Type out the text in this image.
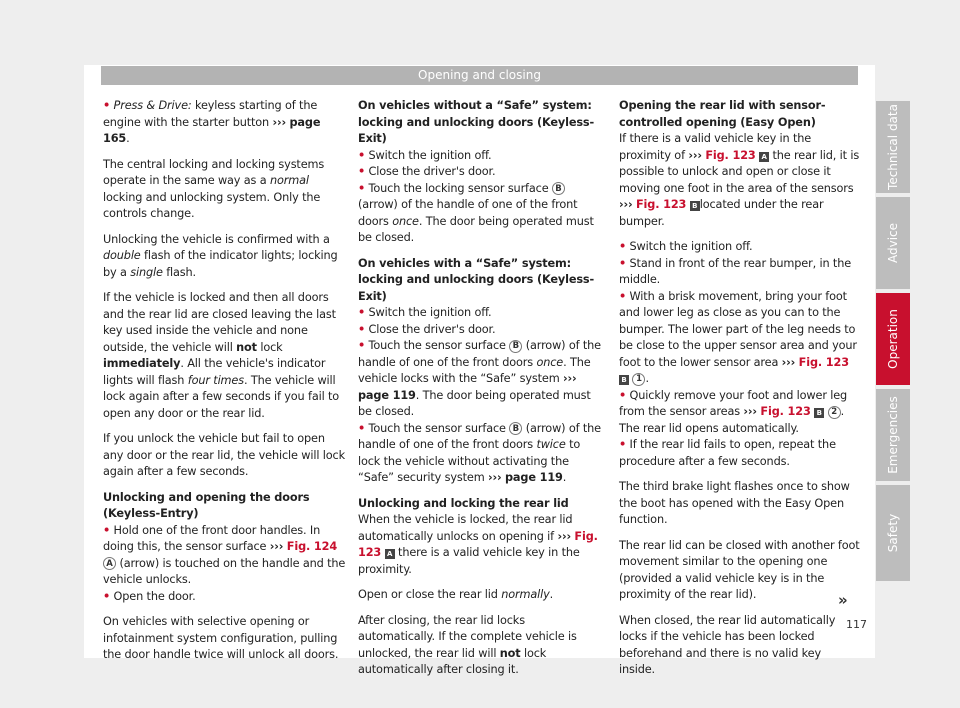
Opening and closing

• Press & Drive: keyless starting of the engine with the starter button ››› page 165.

The central locking and locking systems operate in the same way as a normal locking and unlocking system. Only the controls change.

Unlocking the vehicle is confirmed with a double flash of the indicator lights; locking by a single flash.

If the vehicle is locked and then all doors and the rear lid are closed leaving the last key used inside the vehicle and none outside, the vehicle will not lock immediately. All the vehicle's indicator lights will flash four times. The vehicle will lock again after a few seconds if you fail to open any door or the rear lid.

If you unlock the vehicle but fail to open any door or the rear lid, the vehicle will lock again after a few seconds.

Unlocking and opening the doors (Keyless-Entry)

• Hold one of the front door handles. In doing this, the sensor surface ››› Fig. 124 A (arrow) is touched on the handle and the vehicle unlocks.

• Open the door.

On vehicles with selective opening or infotainment system configuration, pulling the door handle twice will unlock all doors.

On vehicles without a “Safe” system: locking and unlocking doors (Keyless-Exit)

• Switch the ignition off.

• Close the driver's door.

• Touch the locking sensor surface B (arrow) of the handle of one of the front doors once. The door being operated must be closed.

On vehicles with a “Safe” system: locking and unlocking doors (Keyless-Exit)

• Switch the ignition off.

• Close the driver's door.

• Touch the sensor surface B (arrow) of the handle of one of the front doors once. The vehicle locks with the “Safe” system ››› page 119. The door being operated must be closed.

• Touch the sensor surface B (arrow) of the handle of one of the front doors twice to lock the vehicle without activating the “Safe” security system ››› page 119.

Unlocking and locking the rear lid

When the vehicle is locked, the rear lid automatically unlocks on opening if ››› Fig. 123 A there is a valid vehicle key in the proximity.

Open or close the rear lid normally.

After closing, the rear lid locks automatically. If the complete vehicle is unlocked, the rear lid will not lock automatically after closing it.

Opening the rear lid with sensor-controlled opening (Easy Open)

If there is a valid vehicle key in the proximity of ››› Fig. 123 A the rear lid, it is possible to unlock and open or close it moving one foot in the area of the sensors ››› Fig. 123 B located under the rear bumper.

• Switch the ignition off.

• Stand in front of the rear bumper, in the middle.

• With a brisk movement, bring your foot and lower leg as close as you can to the bumper. The lower part of the leg needs to be close to the upper sensor area and your foot to the lower sensor area ››› Fig. 123 B 1 .

• Quickly remove your foot and lower leg from the sensor areas ››› Fig. 123 B 2 . The rear lid opens automatically.

• If the rear lid fails to open, repeat the procedure after a few seconds.

The third brake light flashes once to show the boot has opened with the Easy Open function.

The rear lid can be closed with another foot movement similar to the opening one (provided a valid vehicle key is in the proximity of the rear lid).

When closed, the rear lid automatically locks if the vehicle has been locked beforehand and there is no valid key inside.

»
117
Technical data
Advice
Operation
Emergencies
Safety
